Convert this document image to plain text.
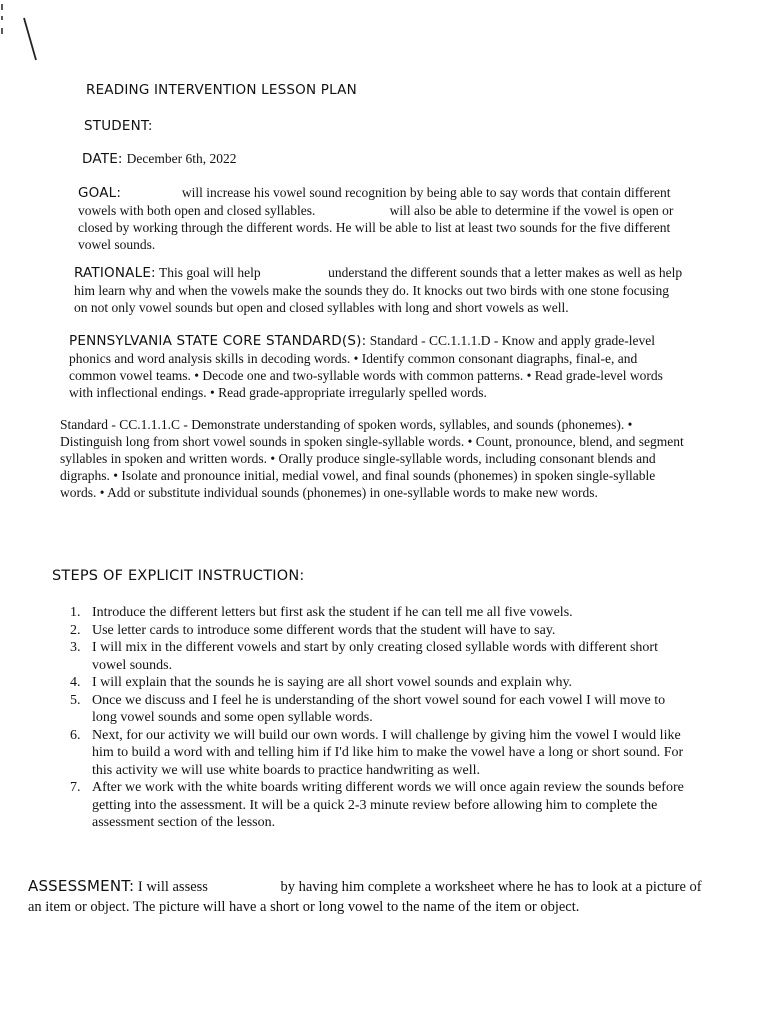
READING INTERVENTION LESSON PLAN
STUDENT: __________
DATE: December 6th, 2022
GOAL: ________ will increase his vowel sound recognition by being able to say words that contain different vowels with both open and closed syllables. __________ will also be able to determine if the vowel is open or closed by working through the different words. He will be able to list at least two sounds for the five different vowel sounds.
RATIONALE: This goal will help _________ understand the different sounds that a letter makes as well as help him learn why and when the vowels make the sounds they do. It knocks out two birds with one stone focusing on not only vowel sounds but open and closed syllables with long and short vowels as well.
PENNSYLVANIA STATE CORE STANDARD(S): Standard - CC.1.1.1.D - Know and apply grade-level phonics and word analysis skills in decoding words. • Identify common consonant diagraphs, final-e, and common vowel teams. • Decode one and two-syllable words with common patterns. • Read grade-level words with inflectional endings. • Read grade-appropriate irregularly spelled words.
Standard - CC.1.1.1.C - Demonstrate understanding of spoken words, syllables, and sounds (phonemes). • Distinguish long from short vowel sounds in spoken single-syllable words. • Count, pronounce, blend, and segment syllables in spoken and written words. • Orally produce single-syllable words, including consonant blends and digraphs. • Isolate and pronounce initial, medial vowel, and final sounds (phonemes) in spoken single-syllable words. • Add or substitute individual sounds (phonemes) in one-syllable words to make new words.
STEPS OF EXPLICIT INSTRUCTION:
1. Introduce the different letters but first ask the student if he can tell me all five vowels.
2. Use letter cards to introduce some different words that the student will have to say.
3. I will mix in the different vowels and start by only creating closed syllable words with different short vowel sounds.
4. I will explain that the sounds he is saying are all short vowel sounds and explain why.
5. Once we discuss and I feel he is understanding of the short vowel sound for each vowel I will move to long vowel sounds and some open syllable words.
6. Next, for our activity we will build our own words. I will challenge by giving him the vowel I would like him to build a word with and telling him if I'd like him to make the vowel have a long or short sound. For this activity we will use white boards to practice handwriting as well.
7. After we work with the white boards writing different words we will once again review the sounds before getting into the assessment. It will be a quick 2-3 minute review before allowing him to complete the assessment section of the lesson.
ASSESSMENT: I will assess _________ by having him complete a worksheet where he has to look at a picture of an item or object. The picture will have a short or long vowel to the name of the item or object.
